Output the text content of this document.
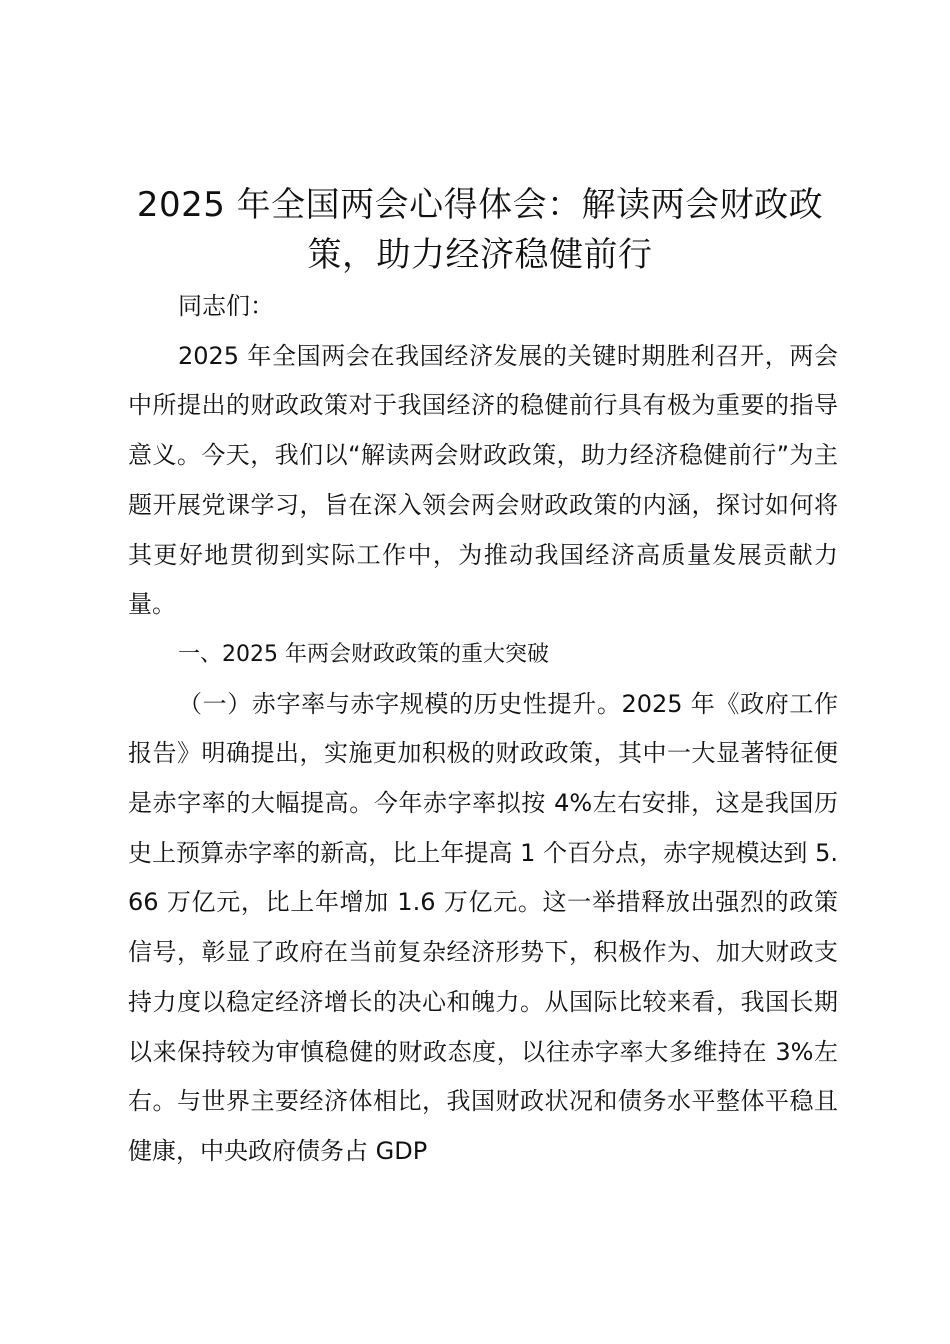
2025 年全国两会心得体会：解读两会财政政策，助力经济稳健前行

同志们：

2025 年全国两会在我国经济发展的关键时期胜利召开，两会中所提出的财政政策对于我国经济的稳健前行具有极为重要的指导意义。今天，我们以“解读两会财政政策，助力经济稳健前行”为主题开展党课学习，旨在深入领会两会财政政策的内涵，探讨如何将其更好地贯彻到实际工作中，为推动我国经济高质量发展贡献力量。

一、2025 年两会财政政策的重大突破

（一）赤字率与赤字规模的历史性提升。2025 年《政府工作报告》明确提出，实施更加积极的财政政策，其中一大显著特征便是赤字率的大幅提高。今年赤字率拟按 4%左右安排，这是我国历史上预算赤字率的新高，比上年提高 1 个百分点，赤字规模达到 5.66 万亿元，比上年增加 1.6 万亿元。这一举措释放出强烈的政策信号，彰显了政府在当前复杂经济形势下，积极作为、加大财政支持力度以稳定经济增长的决心和魄力。从国际比较来看，我国长期以来保持较为审慎稳健的财政态度，以往赤字率大多维持在 3%左右。与世界主要经济体相比，我国财政状况和债务水平整体平稳且健康，中央政府债务占 GDP
